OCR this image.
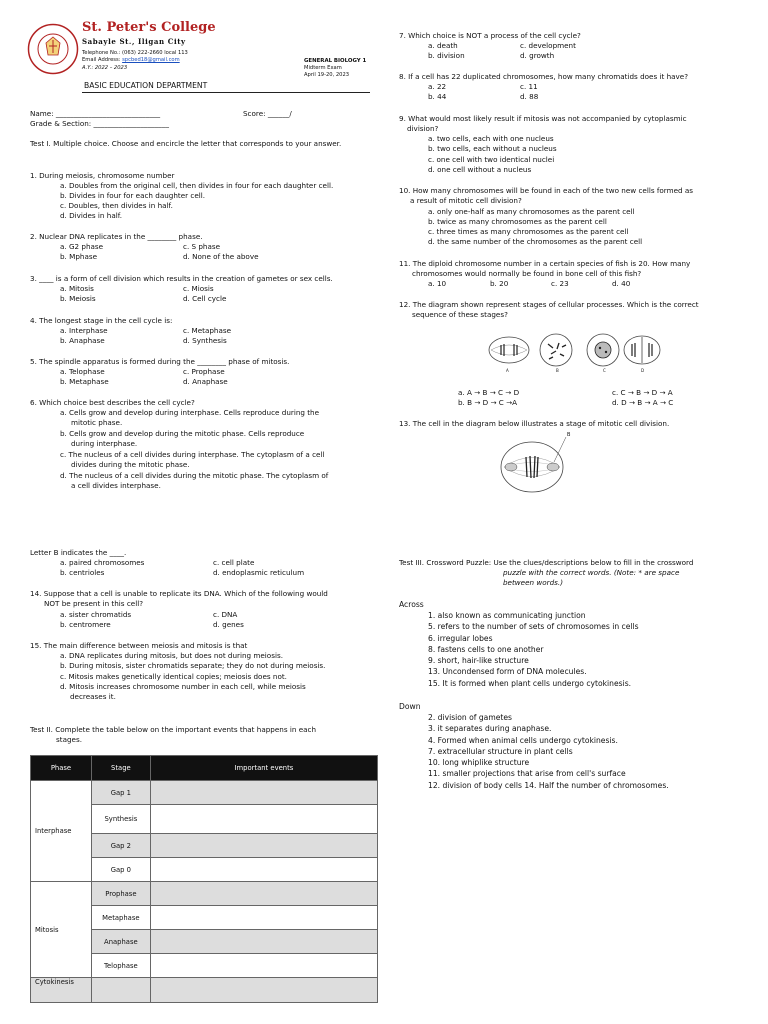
St. Peter's College
Sabayle St., Iligan City
Telephone No.: (063) 222-2660 local 113
Email Address: spcbed18@gmail.com
A.Y.: 2022 – 2023
GENERAL BIOLOGY 1
Midterm Exam
April 19-20, 2023
BASIC EDUCATION DEPARTMENT
Name: _____________________________	Score: ______/
Grade & Section: _____________________
Test I. Multiple choice. Choose and encircle the letter that corresponds to your answer.
1. During meiosis, chromosome number
a. Doubles from the original cell, then divides in four for each daughter cell.
b. Divides in four for each daughter cell.
c. Doubles, then divides in half.
d. Divides in half.
2. Nuclear DNA replicates in the ________ phase.
a. G2 phase	c. S phase
b. Mphase	d. None of the above
3. ____ is a form of cell division which results in the creation of gametes or sex cells.
a. Mitosis	c. Miosis
b. Meiosis	d. Cell cycle
4. The longest stage in the cell cycle is:
a. Interphase	c. Metaphase
b. Anaphase	d. Synthesis
5. The spindle apparatus is formed during the ________ phase of mitosis.
a. Telophase	c. Prophase
b. Metaphase	d. Anaphase
6. Which choice best describes the cell cycle?
a. Cells grow and develop during interphase. Cells reproduce during the
mitotic phase.
b. Cells grow and develop during the mitotic phase. Cells reproduce
during interphase.
c. The nucleus of a cell divides during interphase. The cytoplasm of a cell
divides during the mitotic phase.
d. The nucleus of a cell divides during the mitotic phase. The cytoplasm of
a cell divides interphase.
7. Which choice is NOT a process of the cell cycle?
a. death	c. development
b. division	d. growth
8. If a cell has 22 duplicated chromosomes, how many chromatids does it have?
a. 22	c. 11
b. 44	d. 88
9. What would most likely result if mitosis was not accompanied by cytoplasmic
division?
a. two cells, each with one nucleus
b. two cells, each without a nucleus
c. one cell with two identical nuclei
d. one cell without a nucleus
10. How many chromosomes will be found in each of the two new cells formed as
a result of mitotic cell division?
a. only one-half as many chromosomes as the parent cell
b. twice as many chromosomes as the parent cell
c. three times as many chromosomes as the parent cell
d. the same number of the chromosomes as the parent cell
11. The diploid chromosome number in a certain species of fish is 20. How many
chromosomes would normally be found in bone cell of this fish?
a. 10	b. 20	c. 23	d. 40
12. The diagram shown represent stages of cellular processes. Which is the correct
sequence of these stages?
A	B	C	D
a. A → B → C → D	c. C → B → D → A
b. B → D → C →A	d. D → B → A → C
13. The cell in the diagram below illustrates a stage of mitotic cell division.
B
Letter B indicates the ____.
a. paired chromosomes	c. cell plate
b. centrioles	d. endoplasmic reticulum
14. Suppose that a cell is unable to replicate its DNA. Which of the following would
NOT be present in this cell?
a. sister chromatids	c. DNA
b. centromere	d. genes
15. The main difference between meiosis and mitosis is that
a. DNA replicates during mitosis, but does not during meiosis.
b. During mitosis, sister chromatids separate; they do not during meiosis.
c. Mitosis makes genetically identical copies; meiosis does not.
d. Mitosis increases chromosome number in each cell, while meiosis
decreases it.
Test II. Complete the table below on the important events that happens in each
stages.
Phase	Stage	Important events
Interphase	Gap 1	
	Synthesis	
	Gap 2	
	Gap 0	
Mitosis	Prophase	
	Metaphase	
	Anaphase	
	Telophase	
Cytokinesis		
Test III. Crossword Puzzle: Use the clues/descriptions below to fill in the crossword
puzzle with the correct words. (Note: * are space
between words.)
Across
1. also known as communicating junction
5. refers to the number of sets of chromosomes in cells
6. irregular lobes
8. fastens cells to one another
9. short, hair-like structure
13. Uncondensed form of DNA molecules.
15. It is formed when plant cells undergo cytokinesis.
Down
2. division of gametes
3. it separates during anaphase.
4. Formed when animal cells undergo cytokinesis.
7. extracellular structure in plant cells
10. long whiplike structure
11. smaller projections that arise from cell's surface
12. division of body cells 14. Half the number of chromosomes.
